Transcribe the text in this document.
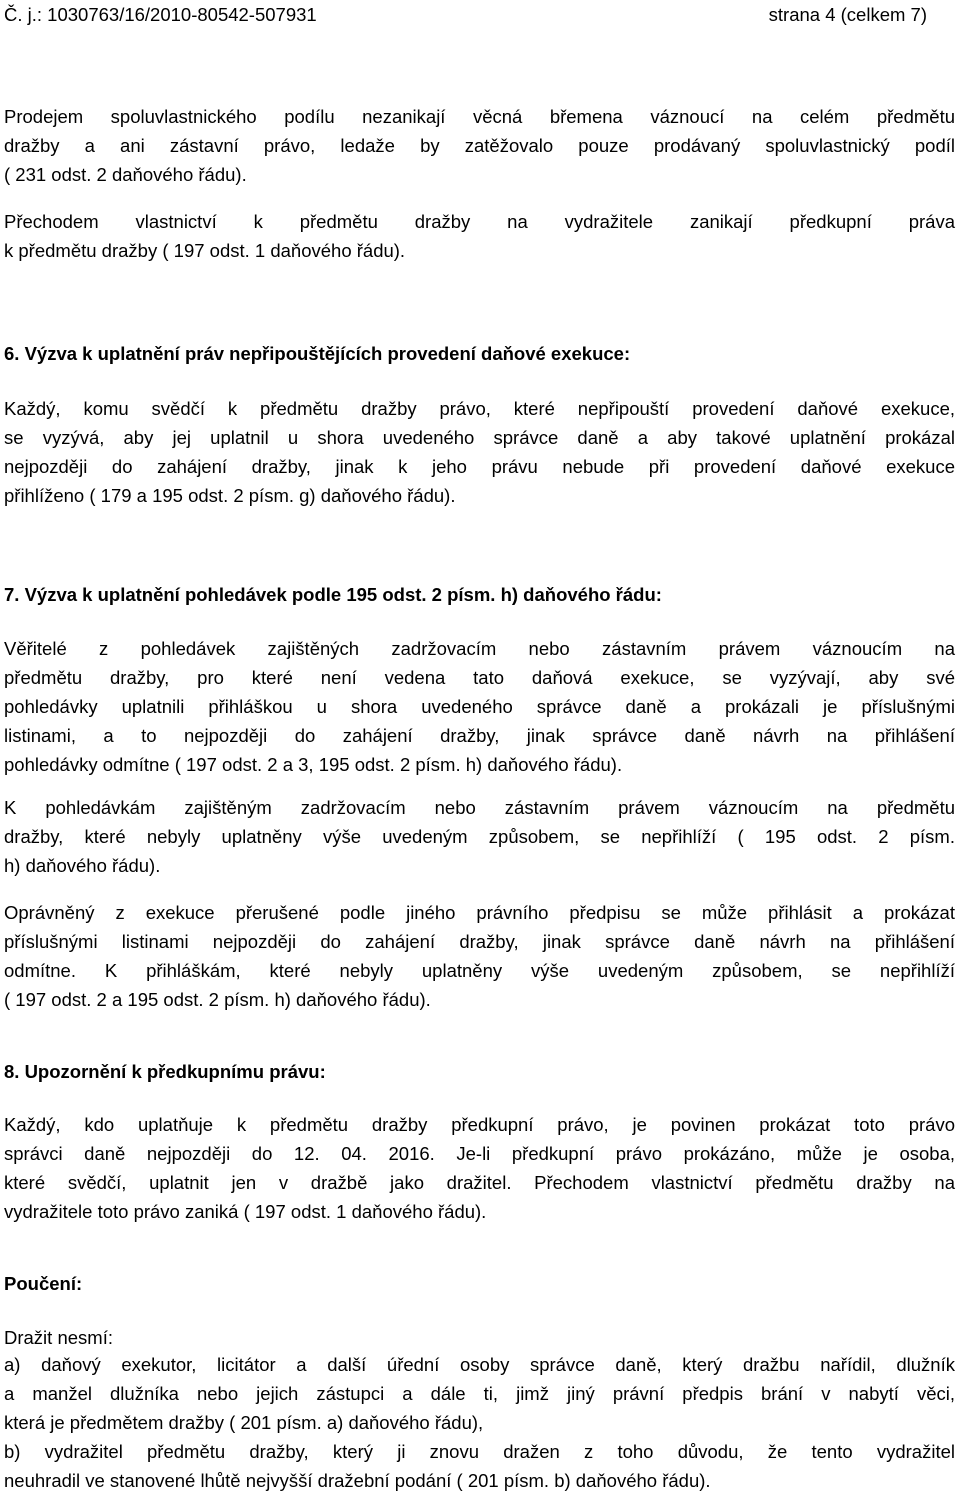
Č. j.: 1030763/16/2010-80542-507931	strana 4 (celkem 7)
Prodejem spoluvlastnického podílu nezanikají věcná břemena váznoucí na celém předmětu
dražby a ani zástavní právo, ledaže by zatěžovalo pouze prodávaný spoluvlastnický podíl
( 231 odst. 2 daňového řádu).
Přechodem vlastnictví k předmětu dražby na vydražitele zanikají předkupní práva
k předmětu dražby ( 197 odst. 1 daňového řádu).
6. Výzva k uplatnění práv nepřipouštějících provedení daňové exekuce:
Každý, komu svědčí k předmětu dražby právo, které nepřipouští provedení daňové exekuce,
se vyzývá, aby jej uplatnil u shora uvedeného správce daně a aby takové uplatnění prokázal
nejpozději do zahájení dražby, jinak k jeho právu nebude při provedení daňové exekuce
přihlíženo ( 179 a 195 odst. 2 písm. g) daňového řádu).
7. Výzva k uplatnění pohledávek podle 195 odst. 2 písm. h) daňového řádu:
Věřitelé z pohledávek zajištěných zadržovacím nebo zástavním právem váznoucím na
předmětu dražby, pro které není vedena tato daňová exekuce, se vyzývají, aby své
pohledávky uplatnili přihláškou u shora uvedeného správce daně a prokázali je příslušnými
listinami, a to nejpozději do zahájení dražby, jinak správce daně návrh na přihlášení
pohledávky odmítne ( 197 odst. 2 a 3, 195 odst. 2 písm. h) daňového řádu).
K pohledávkám zajištěným zadržovacím nebo zástavním právem váznoucím na předmětu
dražby, které nebyly uplatněny výše uvedeným způsobem, se nepřihlíží ( 195 odst. 2 písm.
h) daňového řádu).
Oprávněný z exekuce přerušené podle jiného právního předpisu se může přihlásit a prokázat
příslušnými listinami nejpozději do zahájení dražby, jinak správce daně návrh na přihlášení
odmítne. K přihláškám, které nebyly uplatněny výše uvedeným způsobem, se nepřihlíží
( 197 odst. 2 a 195 odst. 2 písm. h) daňového řádu).
8. Upozornění k předkupnímu právu:
Každý, kdo uplatňuje k předmětu dražby předkupní právo, je povinen prokázat toto právo
správci daně nejpozději do 12. 04. 2016. Je-li předkupní právo prokázáno, může je osoba,
které svědčí, uplatnit jen v dražbě jako dražitel. Přechodem vlastnictví předmětu dražby na
vydražitele toto právo zaniká ( 197 odst. 1 daňového řádu).
Poučení:
Dražit nesmí:
a) daňový exekutor, licitátor a další úřední osoby správce daně, který dražbu nařídil, dlužník
a manžel dlužníka nebo jejich zástupci a dále ti, jimž jiný právní předpis brání v nabytí věci,
která je předmětem dražby ( 201 písm. a) daňového řádu),
b) vydražitel předmětu dražby, který ji znovu dražen z toho důvodu, že tento vydražitel
neuhradil ve stanovené lhůtě nejvyšší dražební podání ( 201 písm. b) daňového řádu).
